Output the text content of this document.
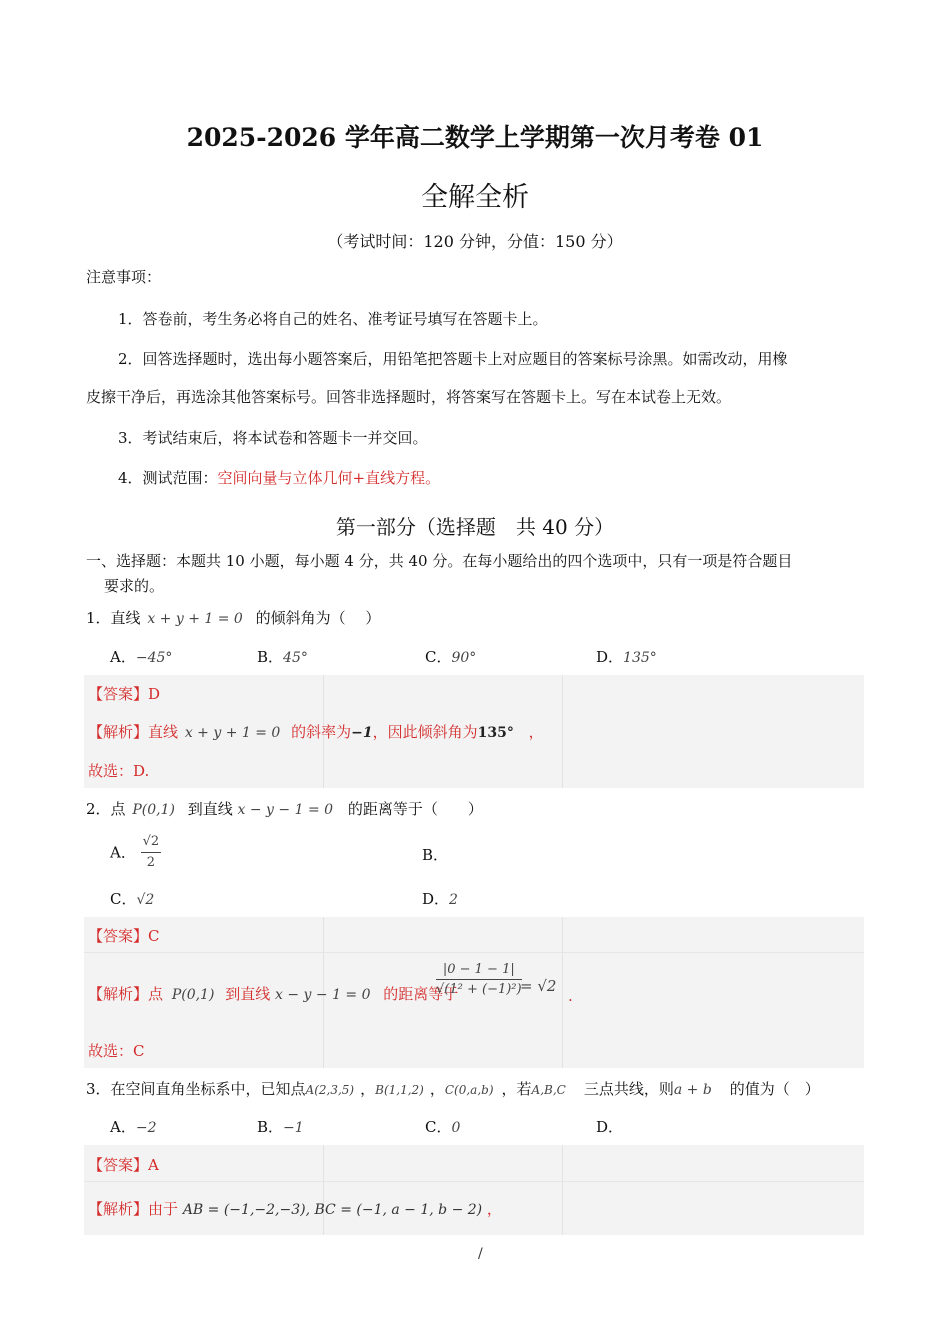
2025-2026 学年高二数学上学期第一次月考卷 01
全解全析
（考试时间：120 分钟，分值：150 分）
注意事项：
1．答卷前，考生务必将自己的姓名、准考证号填写在答题卡上。
2．回答选择题时，选出每小题答案后，用铅笔把答题卡上对应题目的答案标号涂黑。如需改动，用橡
皮擦干净后，再选涂其他答案标号。回答非选择题时，将答案写在答题卡上。写在本试卷上无效。
3．考试结束后，将本试卷和答题卡一并交回。
4．测试范围：空间向量与立体几何+直线方程。
第一部分（选择题　共 40 分）
一、选择题：本题共 10 小题，每小题 4 分，共 40 分。在每小题给出的四个选项中，只有一项是符合题目
要求的。
1．直线 x + y + 1 = 0 的倾斜角为（　 ）
A．−45°	B．45°	C．90°	D．135°
【答案】D
【解析】直线 x + y + 1 = 0 的斜率为−1，因此倾斜角为135° ，
故选：D.
2．点 P(0,1) 到直线 x − y − 1 = 0 的距离等于（　　）
A． $\frac{√2}{2}$	B．
C．√2	D．2
【答案】C
【解析】点 P(0,1) 到直线 x − y − 1 = 0 的距离等于
$\frac{|0 - 1 - 1|}{\text{√(1² + (−1)²)}}$
= √2
.
故选：C
3．在空间直角坐标系中，已知点A(2,3,5) ，B(1,1,2) ，C(0,a,b) ，若A,B,C 三点共线，则a + b 的值为（　）
A．−2	B．−1	C．0	D．
【答案】A
【解析】由于 AB = (−1,−2,−3), BC = (−1, a − 1, b − 2) ，
/
